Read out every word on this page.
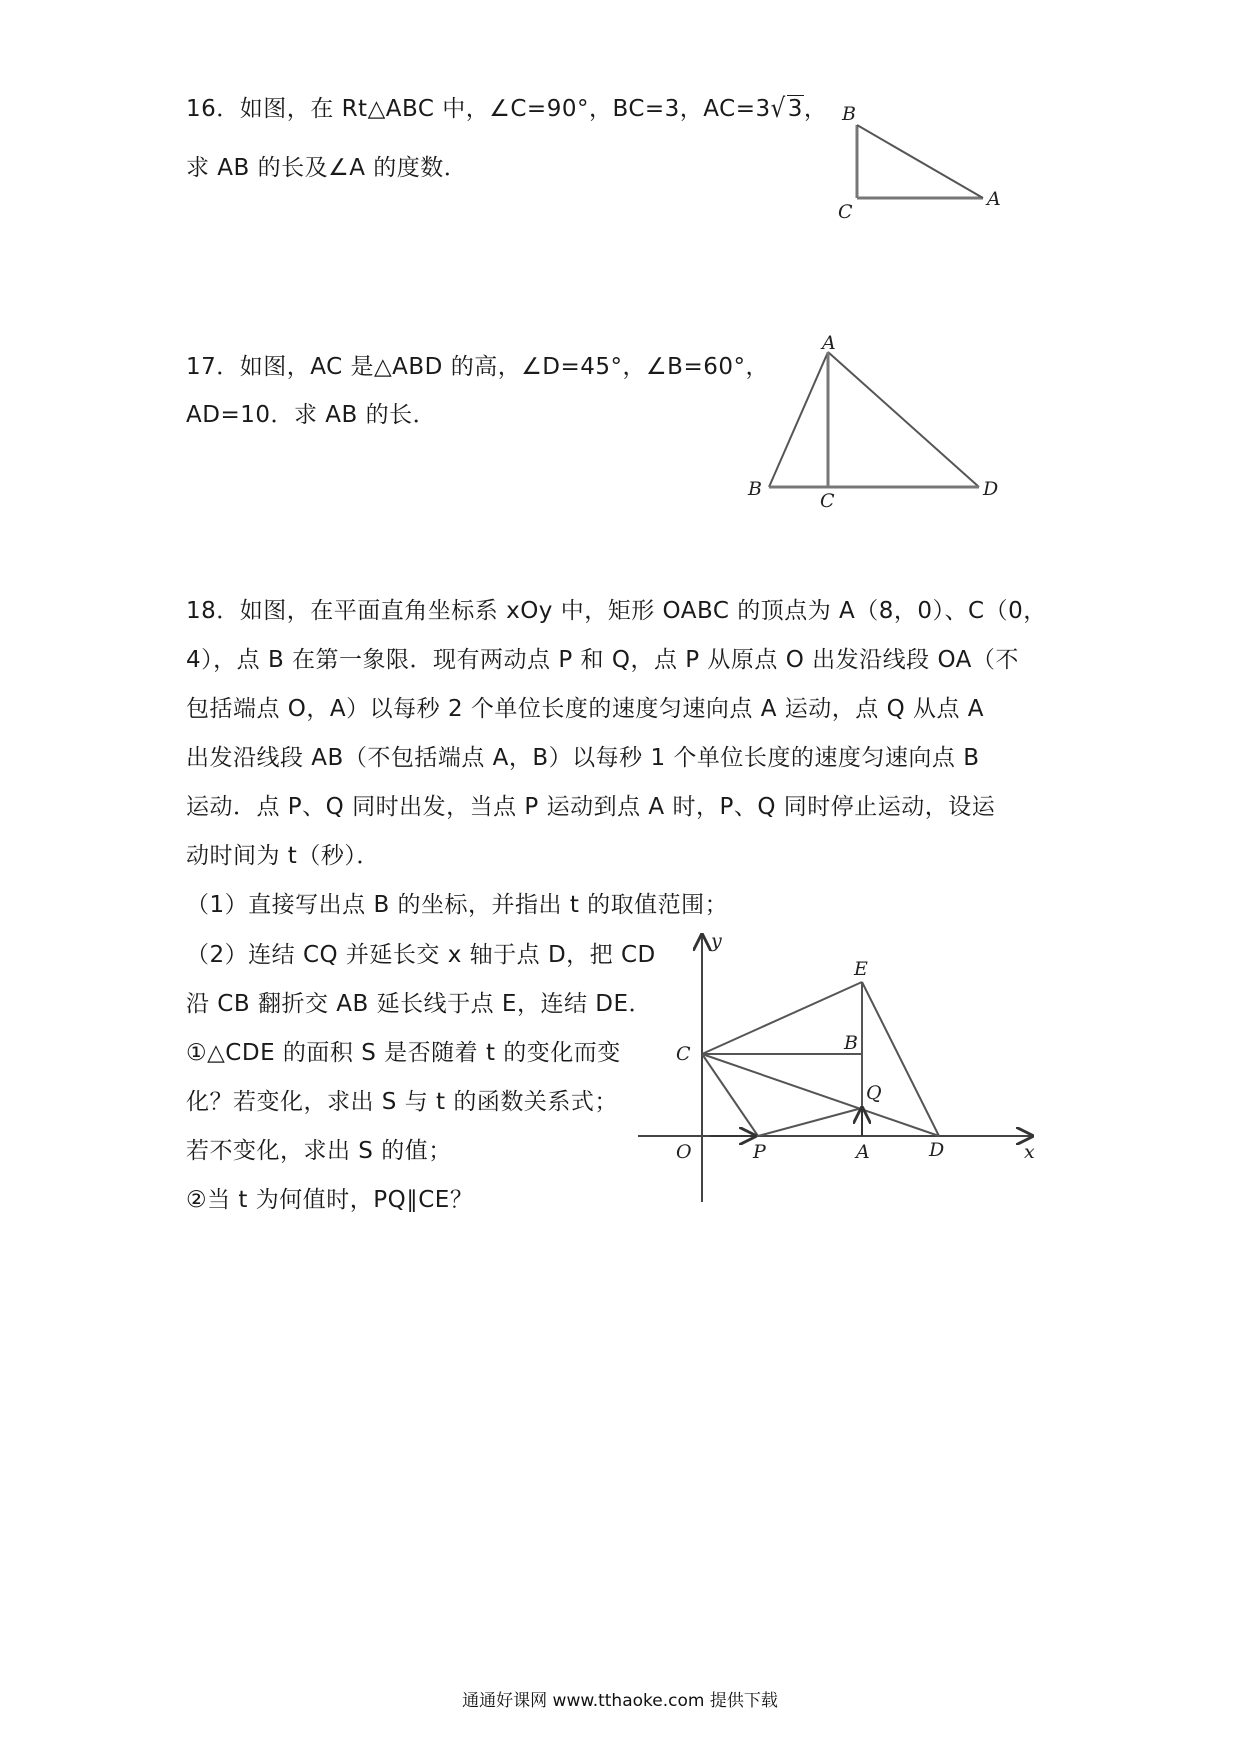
16．如图，在 Rt△ABC 中，∠C=90°，BC=3，AC=3√3，
求 AB 的长及∠A 的度数．
B
C
A
17．如图，AC 是△ABD 的高，∠D=45°，∠B=60°，
AD=10．求 AB 的长．
A
B
C
D
18．如图，在平面直角坐标系 xOy 中，矩形 OABC 的顶点为 A（8，0）、C（0，
4），点 B 在第一象限．现有两动点 P 和 Q，点 P 从原点 O 出发沿线段 OA（不
包括端点 O，A）以每秒 2 个单位长度的速度匀速向点 A 运动，点 Q 从点 A
出发沿线段 AB（不包括端点 A，B）以每秒 1 个单位长度的速度匀速向点 B
运动．点 P、Q 同时出发，当点 P 运动到点 A 时，P、Q 同时停止运动，设运
动时间为 t（秒）．
（1）直接写出点 B 的坐标，并指出 t 的取值范围；
（2）连结 CQ 并延长交 x 轴于点 D，把 CD
沿 CB 翻折交 AB 延长线于点 E，连结 DE．
①△CDE 的面积 S 是否随着 t 的变化而变
化？若变化，求出 S 与 t 的函数关系式；
若不变化，求出 S 的值；
②当 t 为何值时，PQ∥CE？
y
x
E
B
C
Q
O	P	A	D
通通好课网 www.tthaoke.com 提供下载
